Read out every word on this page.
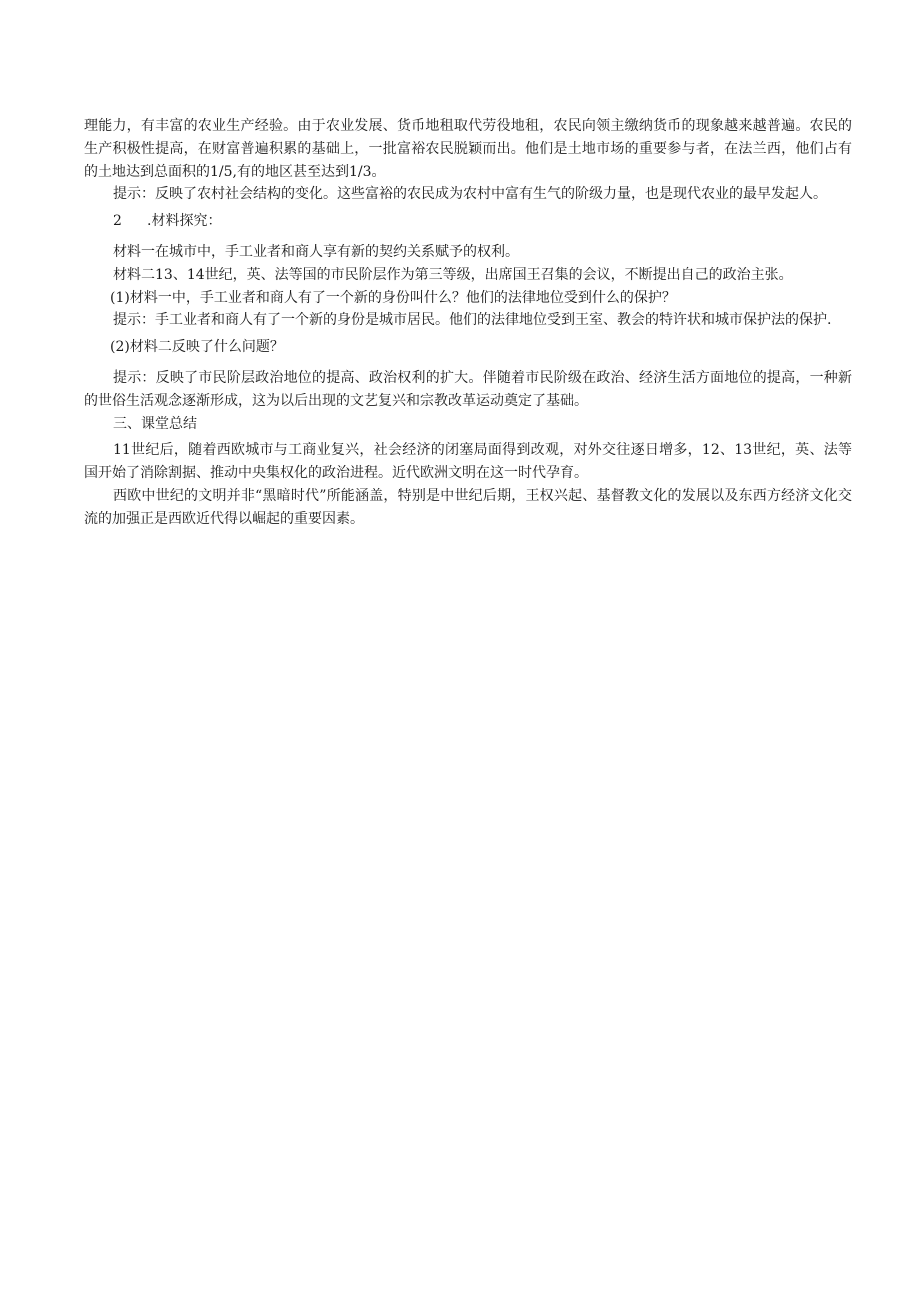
理能力，有丰富的农业生产经验。由于农业发展、货币地租取代劳役地租，农民向领主缴纳货币的现象越来越普遍。农民的生产积极性提高，在财富普遍积累的基础上，一批富裕农民脱颖而出。他们是土地市场的重要参与者，在法兰西，他们占有的土地达到总面积的1/5,有的地区甚至达到1/3。

提示：反映了农村社会结构的变化。这些富裕的农民成为农村中富有生气的阶级力量，也是现代农业的最早发起人。

2	.材料探究：

材料一在城市中，手工业者和商人享有新的契约关系赋予的权利。

材料二13、14世纪，英、法等国的市民阶层作为第三等级，出席国王召集的会议，不断提出自己的政治主张。

(1)材料一中，手工业者和商人有了一个新的身份叫什么？他们的法律地位受到什么的保护？

提示：手工业者和商人有了一个新的身份是城市居民。他们的法律地位受到王室、教会的特许状和城市保护法的保护.

(2)材料二反映了什么问题？

提示：反映了市民阶层政治地位的提高、政治权利的扩大。伴随着市民阶级在政治、经济生活方面地位的提高，一种新的世俗生活观念逐渐形成，这为以后出现的文艺复兴和宗教改革运动奠定了基础。

三、课堂总结

11世纪后，随着西欧城市与工商业复兴，社会经济的闭塞局面得到改观，对外交往逐日增多，12、13世纪，英、法等国开始了消除割据、推动中央集权化的政治进程。近代欧洲文明在这一时代孕育。

西欧中世纪的文明并非“黑暗时代”所能涵盖，特别是中世纪后期，王权兴起、基督教文化的发展以及东西方经济文化交流的加强正是西欧近代得以崛起的重要因素。
